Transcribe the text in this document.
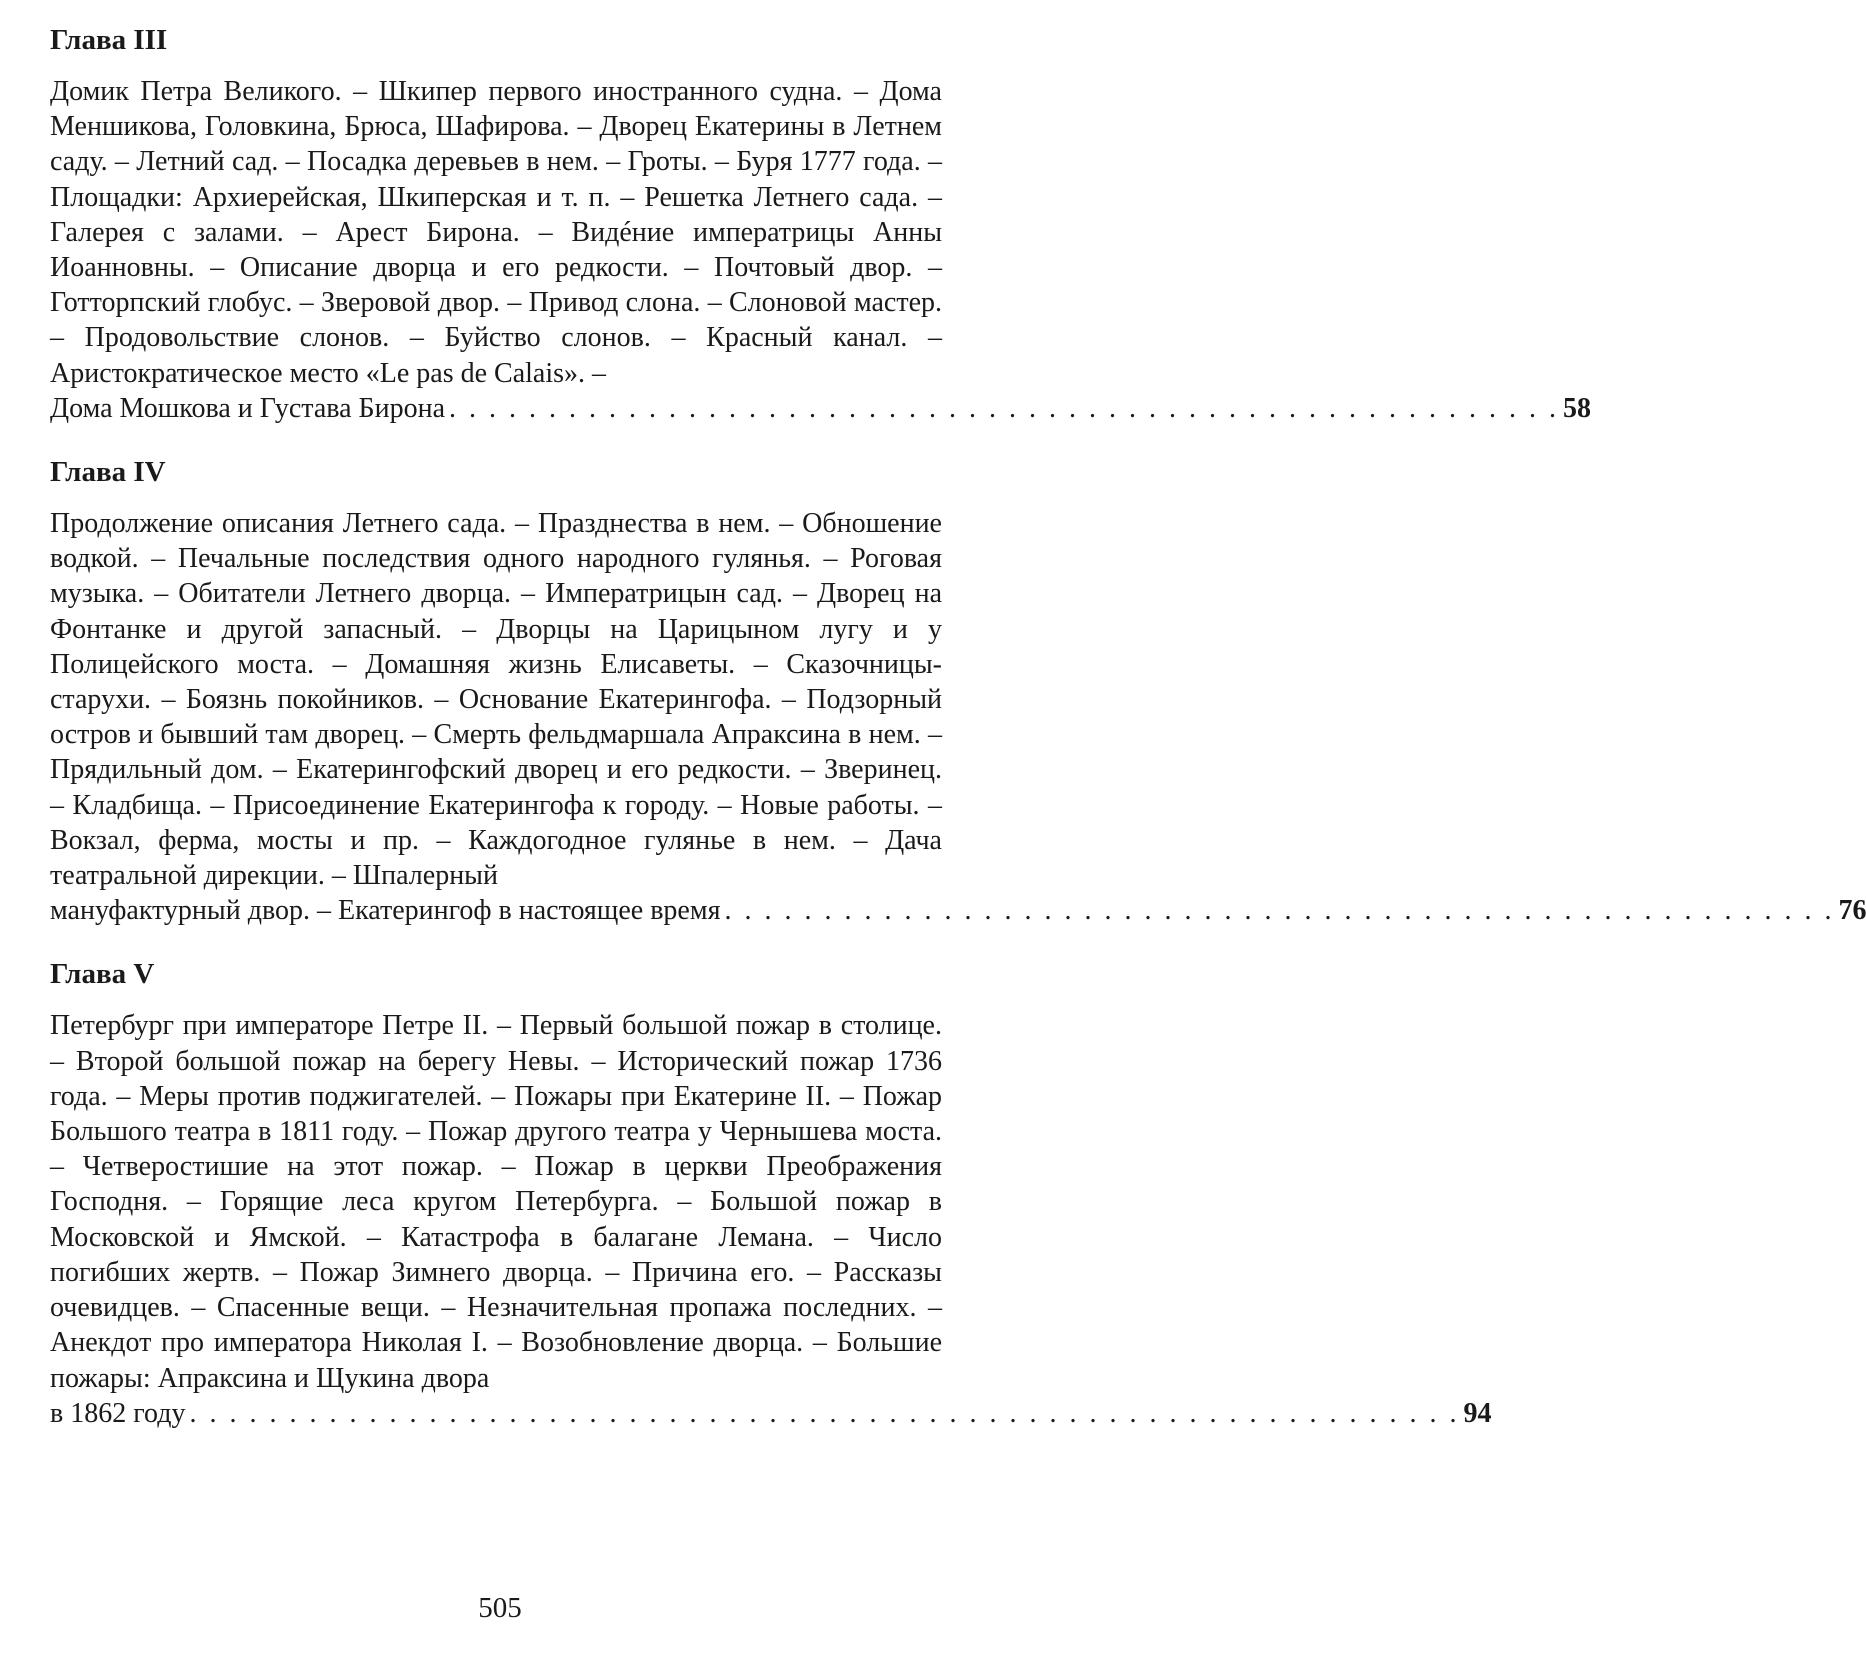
Глава III

Домик Петра Великого. – Шкипер первого иностранного судна. – Дома Меншикова, Головкина, Брюса, Шафирова. – Дворец Екатерины в Летнем саду. – Летний сад. – Посадка деревьев в нем. – Гроты. – Буря 1777 года. – Площадки: Архиерейская, Шкиперская и т. п. – Решетка Летнего сада. – Галерея с залами. – Арест Бирона. – Видéние императрицы Анны Иоанновны. – Описание дворца и его редкости. – Почтовый двор. – Готторпский глобус. – Зверовой двор. – Привод слона. – Слоновой мастер. – Продовольствие слонов. – Буйство слонов. – Красный канал. – Аристократическое место «Le pas de Calais». –

Дома Мошкова и Густава Бирона . . . . . . . . . . . . . . . . . . . . . . . . . . . . . . . . . . . . . . . . . . . . . . . . . . . . . . . . 58
Глава IV

Продолжение описания Летнего сада. – Празднества в нем. – Обношение водкой. – Печальные последствия одного народного гулянья. – Роговая музыка. – Обитатели Летнего дворца. – Императрицын сад. – Дворец на Фонтанке и другой запасный. – Дворцы на Царицыном лугу и у Полицейского моста. – Домашняя жизнь Елисаветы. – Сказочницы-старухи. – Боязнь покойников. – Основание Екатерингофа. – Подзорный остров и бывший там дворец. – Смерть фельдмаршала Апраксина в нем. – Прядильный дом. – Екатерингофский дворец и его редкости. – Зверинец. – Кладбища. – Присоединение Екатерингофа к городу. – Новые работы. – Вокзал, ферма, мосты и пр. – Каждогодное гулянье в нем. – Дача театральной дирекции. – Шпалерный

мануфактурный двор. – Екатерингоф в настоящее время . . . . . . . . . . . . . . . . . . . . . . . . . . . . . . . . . . . . . . . . . . . . . . . . . . . . . . . . 76
Глава V

Петербург при императоре Петре II. – Первый большой пожар в столице. – Второй большой пожар на берегу Невы. – Исторический пожар 1736 года. – Меры против поджигателей. – Пожары при Екатерине II. – Пожар Большого театра в 1811 году. – Пожар другого театра у Чернышева моста. – Четверостишие на этот пожар. – Пожар в церкви Преображения Господня. – Горящие леса кругом Петербурга. – Большой пожар в Московской и Ямской. – Катастрофа в балагане Лемана. – Число погибших жертв. – Пожар Зимнего дворца. – Причина его. – Рассказы очевидцев. – Спасенные вещи. – Незначительная пропажа последних. – Анекдот про императора Николая I. – Возобновление дворца. – Большие пожары: Апраксина и Щукина двора

в 1862 году . . . . . . . . . . . . . . . . . . . . . . . . . . . . . . . . . . . . . . . . . . . . . . . . . . . . . . . . . . . . . . . . 94
505
